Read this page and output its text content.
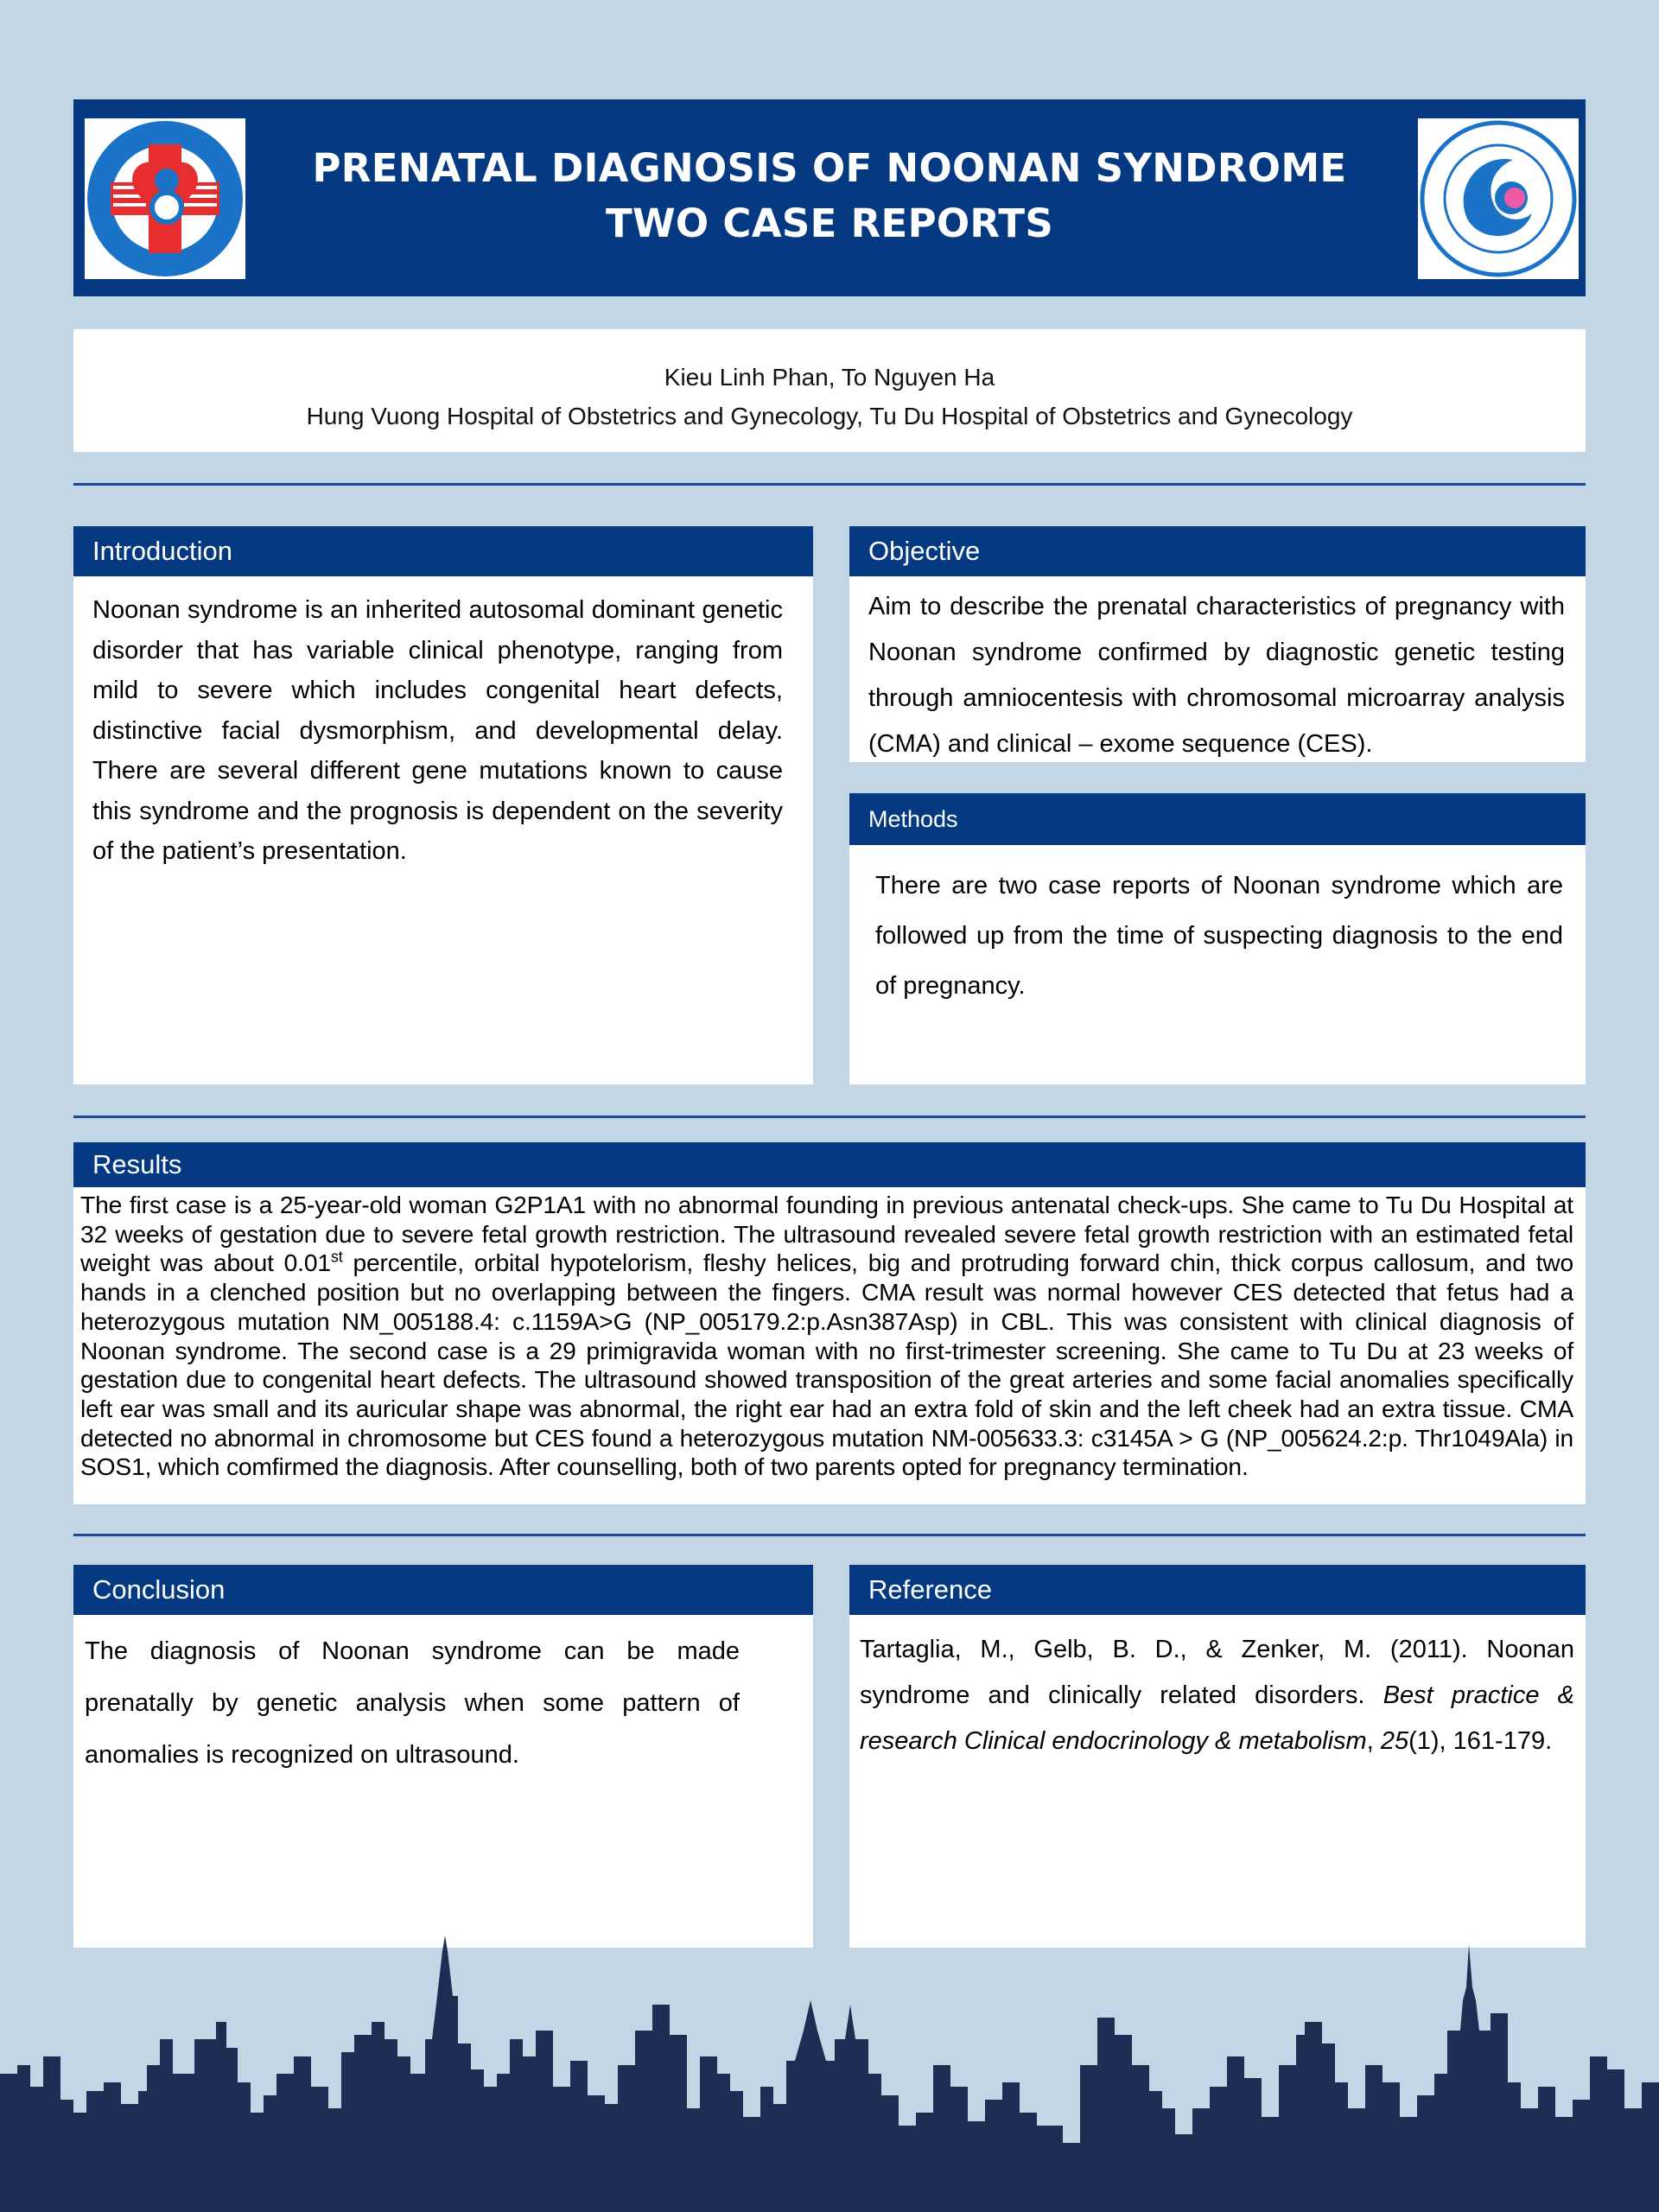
PRENATAL DIAGNOSIS OF NOONAN SYNDROME
TWO CASE REPORTS
Kieu Linh Phan, To Nguyen Ha
Hung Vuong Hospital of Obstetrics and Gynecology, Tu Du Hospital of Obstetrics and Gynecology
Introduction
Noonan syndrome is an inherited autosomal dominant genetic disorder that has variable clinical phenotype, ranging from mild to severe which includes congenital heart defects, distinctive facial dysmorphism, and developmental delay. There are several different gene mutations known to cause this syndrome and the prognosis is dependent on the severity of the patient’s presentation.
Objective
Aim to describe the prenatal characteristics of pregnancy with Noonan syndrome confirmed by diagnostic genetic testing through amniocentesis with chromosomal microarray analysis (CMA) and clinical – exome sequence (CES).
Methods
There are two case reports of Noonan syndrome which are followed up from the time of suspecting diagnosis to the end of pregnancy.
Results
The first case is a 25-year-old woman G2P1A1 with no abnormal founding in previous antenatal check-ups. She came to Tu Du Hospital at 32 weeks of gestation due to severe fetal growth restriction. The ultrasound revealed severe fetal growth restriction with an estimated fetal weight was about 0.01st percentile, orbital hypotelorism, fleshy helices, big and protruding forward chin, thick corpus callosum, and two hands in a clenched position but no overlapping between the fingers. CMA result was normal however CES detected that fetus had a heterozygous mutation NM_005188.4: c.1159A>G (NP_005179.2:p.Asn387Asp) in CBL. This was consistent with clinical diagnosis of Noonan syndrome. The second case is a 29 primigravida woman with no first-trimester screening. She came to Tu Du at 23 weeks of gestation due to congenital heart defects. The ultrasound showed transposition of the great arteries and some facial anomalies specifically left ear was small and its auricular shape was abnormal, the right ear had an extra fold of skin and the left cheek had an extra tissue. CMA detected no abnormal in chromosome but CES found a heterozygous mutation NM-005633.3: c3145A > G (NP_005624.2:p. Thr1049Ala) in SOS1, which comfirmed the diagnosis. After counselling, both of two parents opted for pregnancy termination.
Conclusion
The diagnosis of Noonan syndrome can be made prenatally by genetic analysis when some pattern of anomalies is recognized on ultrasound.
Reference
Tartaglia, M., Gelb, B. D., & Zenker, M. (2011). Noonan syndrome and clinically related disorders. Best practice & research Clinical endocrinology & metabolism, 25(1), 161-179.
